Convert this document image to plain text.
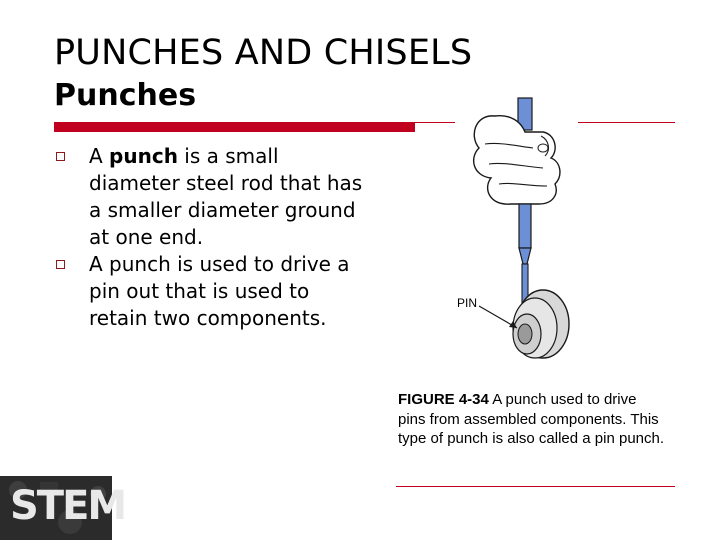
PUNCHES AND CHISELS
Punches
A punch is a small diameter steel rod that has a smaller diameter ground at one end.
A punch is used to drive a pin out that is used to retain two components.
PIN
FIGURE 4-34 A punch used to drive pins from assembled components. This type of punch is also called a pin punch.
STEM
